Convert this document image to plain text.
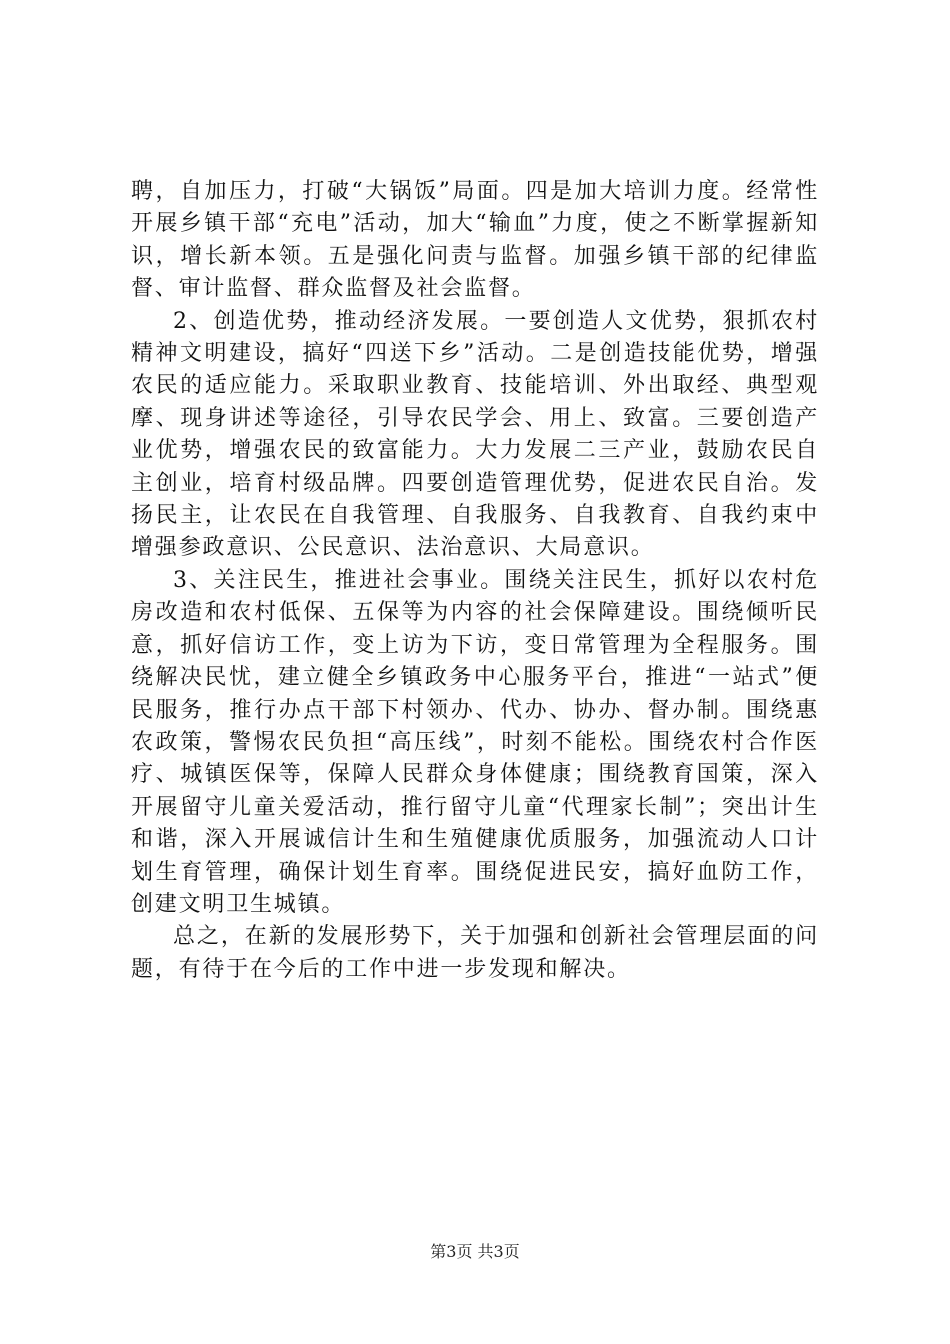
聘，自加压力，打破“大锅饭”局面。四是加大培训力度。经常性开展乡镇干部“充电”活动，加大“输血”力度，使之不断掌握新知识，增长新本领。五是强化问责与监督。加强乡镇干部的纪律监督、审计监督、群众监督及社会监督。

2、创造优势，推动经济发展。一要创造人文优势，狠抓农村精神文明建设，搞好“四送下乡”活动。二是创造技能优势，增强农民的适应能力。采取职业教育、技能培训、外出取经、典型观摩、现身讲述等途径，引导农民学会、用上、致富。三要创造产业优势，增强农民的致富能力。大力发展二三产业，鼓励农民自主创业，培育村级品牌。四要创造管理优势，促进农民自治。发扬民主，让农民在自我管理、自我服务、自我教育、自我约束中增强参政意识、公民意识、法治意识、大局意识。

3、关注民生，推进社会事业。围绕关注民生，抓好以农村危房改造和农村低保、五保等为内容的社会保障建设。围绕倾听民意，抓好信访工作，变上访为下访，变日常管理为全程服务。围绕解决民忧，建立健全乡镇政务中心服务平台，推进“一站式”便民服务，推行办点干部下村领办、代办、协办、督办制。围绕惠农政策，警惕农民负担“高压线”，时刻不能松。围绕农村合作医疗、城镇医保等，保障人民群众身体健康；围绕教育国策，深入开展留守儿童关爱活动，推行留守儿童“代理家长制”；突出计生和谐，深入开展诚信计生和生殖健康优质服务，加强流动人口计划生育管理，确保计划生育率。围绕促进民安，搞好血防工作，创建文明卫生城镇。

总之，在新的发展形势下，关于加强和创新社会管理层面的问题，有待于在今后的工作中进一步发现和解决。

第3页 共3页
